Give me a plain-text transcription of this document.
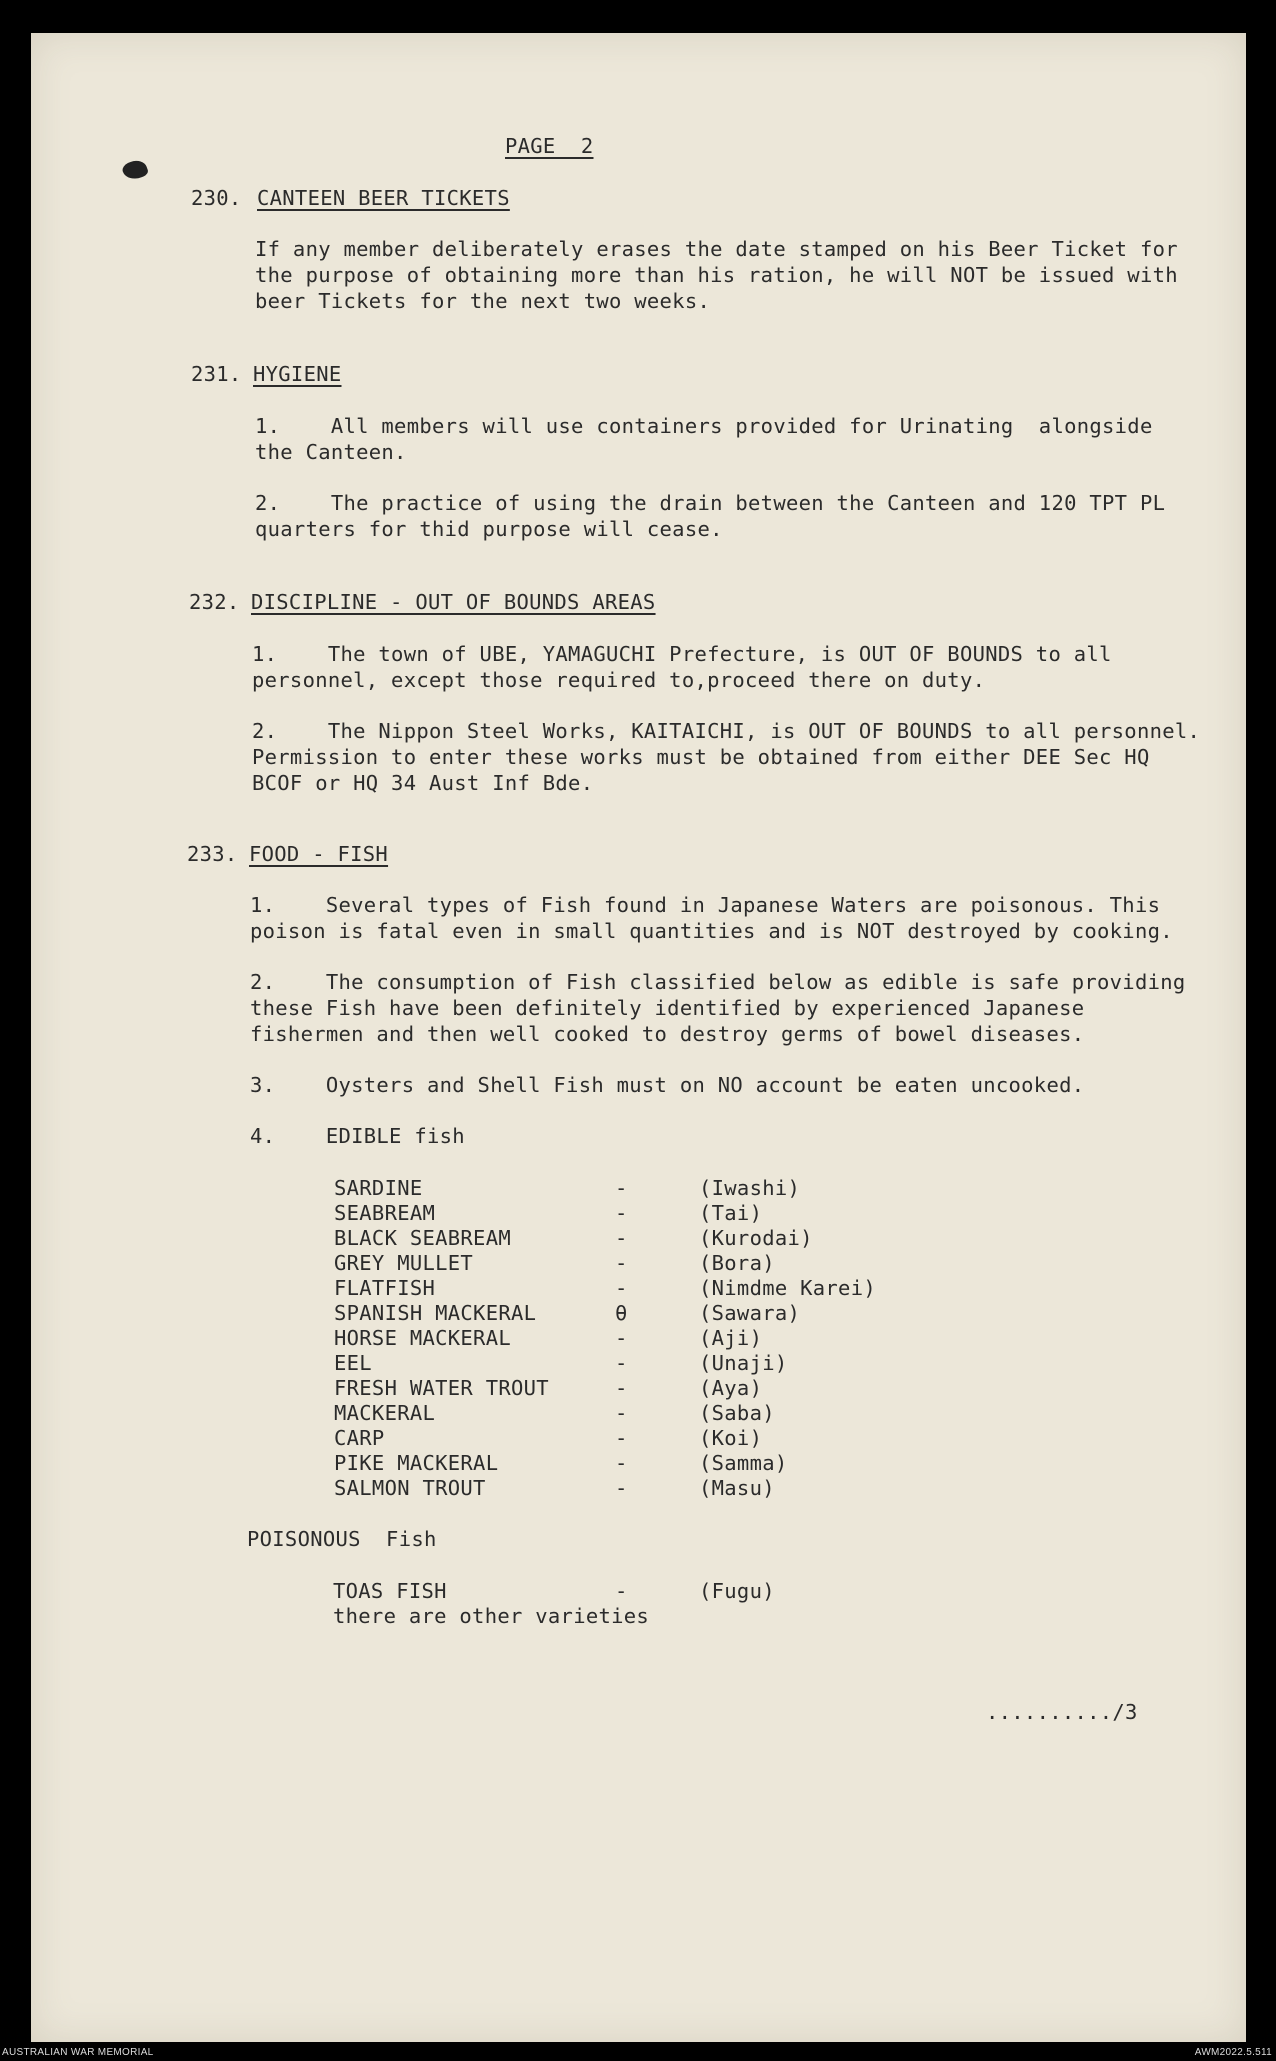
PAGE  2
230. CANTEEN BEER TICKETS
If any member deliberately erases the date stamped on his Beer Ticket for
the purpose of obtaining more than his ration, he will NOT be issued with
beer Tickets for the next two weeks.
231. HYGIENE
1.    All members will use containers provided for Urinating  alongside
the Canteen.
2.    The practice of using the drain between the Canteen and 120 TPT PL
quarters for thid purpose will cease.
232. DISCIPLINE - OUT OF BOUNDS AREAS
1.    The town of UBE, YAMAGUCHI Prefecture, is OUT OF BOUNDS to all
personnel, except those required to,proceed there on duty.
2.    The Nippon Steel Works, KAITAICHI, is OUT OF BOUNDS to all personnel.
Permission to enter these works must be obtained from either DEE Sec HQ
BCOF or HQ 34 Aust Inf Bde.
233. FOOD - FISH
1.    Several types of Fish found in Japanese Waters are poisonous. This
poison is fatal even in small quantities and is NOT destroyed by cooking.
2.    The consumption of Fish classified below as edible is safe providing
these Fish have been definitely identified by experienced Japanese
fishermen and then well cooked to destroy germs of bowel diseases.
3.    Oysters and Shell Fish must on NO account be eaten uncooked.
4.    EDIBLE fish
SARDINE	-	(Iwashi)
SEABREAM	-	(Tai)
BLACK SEABREAM	-	(Kurodai)
GREY MULLET	-	(Bora)
FLATFISH	-	(Nimdme Karei)
SPANISH MACKERAL	θ	(Sawara)
HORSE MACKERAL	-	(Aji)
EEL	-	(Unaji)
FRESH WATER TROUT	-	(Aya)
MACKERAL	-	(Saba)
CARP	-	(Koi)
PIKE MACKERAL	-	(Samma)
SALMON TROUT	-	(Masu)
POISONOUS  Fish
TOAS FISH	-	(Fugu)
there are other varieties
........../3
AUSTRALIAN WAR MEMORIAL	AWM2022.5.511
